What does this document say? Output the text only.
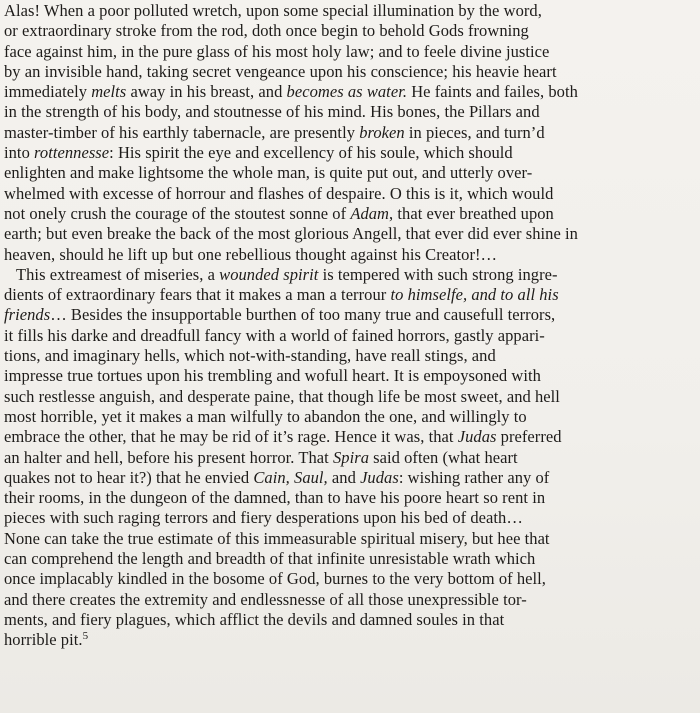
Alas! When a poor polluted wretch, upon some special illumination by the word,
or extraordinary stroke from the rod, doth once begin to behold Gods frowning
face against him, in the pure glass of his most holy law; and to feele divine justice
by an invisible hand, taking secret vengeance upon his conscience; his heavie heart
immediately melts away in his breast, and becomes as water. He faints and failes, both
in the strength of his body, and stoutnesse of his mind. His bones, the Pillars and
master-timber of his earthly tabernacle, are presently broken in pieces, and turn’d
into rottennesse: His spirit the eye and excellency of his soule, which should
enlighten and make lightsome the whole man, is quite put out, and utterly over-
whelmed with excesse of horrour and flashes of despaire. O this is it, which would
not onely crush the courage of the stoutest sonne of Adam, that ever breathed upon
earth; but even breake the back of the most glorious Angell, that ever did ever shine in
heaven, should he lift up but one rebellious thought against his Creator!…
This extreamest of miseries, a wounded spirit is tempered with such strong ingre-
dients of extraordinary fears that it makes a man a terrour to himselfe, and to all his
friends… Besides the insupportable burthen of too many true and causefull terrors,
it fills his darke and dreadfull fancy with a world of fained horrors, gastly appari-
tions, and imaginary hells, which not-with-standing, have reall stings, and
impresse true tortues upon his trembling and wofull heart. It is empoysoned with
such restlesse anguish, and desperate paine, that though life be most sweet, and hell
most horrible, yet it makes a man wilfully to abandon the one, and willingly to
embrace the other, that he may be rid of it’s rage. Hence it was, that Judas preferred
an halter and hell, before his present horror. That Spira said often (what heart
quakes not to hear it?) that he envied Cain, Saul, and Judas: wishing rather any of
their rooms, in the dungeon of the damned, than to have his poore heart so rent in
pieces with such raging terrors and fiery desperations upon his bed of death…
None can take the true estimate of this immeasurable spiritual misery, but hee that
can comprehend the length and breadth of that infinite unresistable wrath which
once implacably kindled in the bosome of God, burnes to the very bottom of hell,
and there creates the extremity and endlessnesse of all those unexpressible tor-
ments, and fiery plagues, which afflict the devils and damned soules in that
horrible pit.$^5$
